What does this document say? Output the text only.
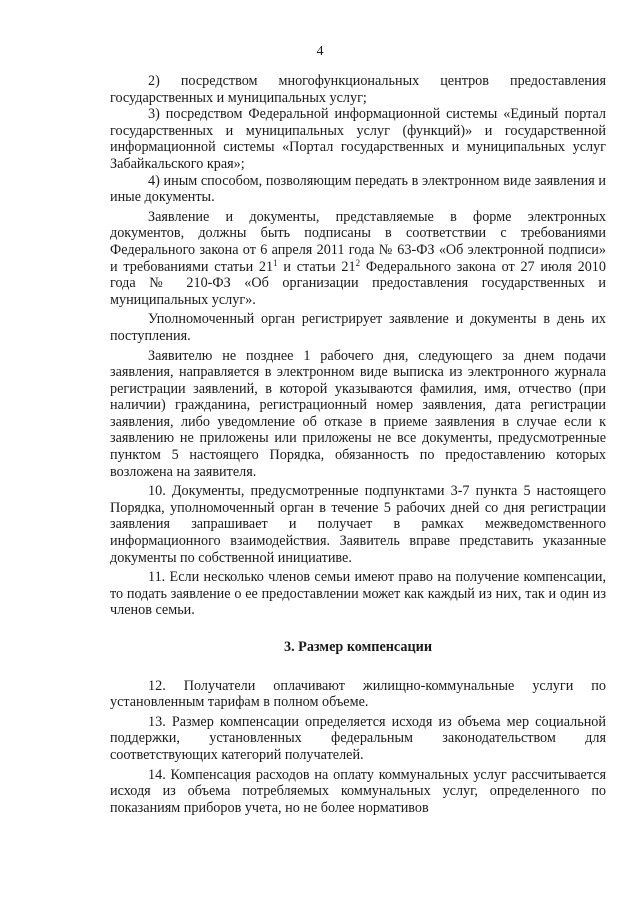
4

2) посредством многофункциональных центров предоставления государственных и муниципальных услуг;

3) посредством Федеральной информационной системы «Единый портал государственных и муниципальных услуг (функций)» и государственной информационной системы «Портал государственных и муниципальных услуг Забайкальского края»;

4) иным способом, позволяющим передать в электронном виде заявления и иные документы.

Заявление и документы, представляемые в форме электронных документов, должны быть подписаны в соответствии с требованиями Федерального закона от 6 апреля 2011 года № 63-ФЗ «Об электронной подписи» и требованиями статьи $21^1$ и статьи $21^2$ Федерального закона от 27 июля 2010 года № 210-ФЗ «Об организации предоставления государственных и муниципальных услуг».

Уполномоченный орган регистрирует заявление и документы в день их поступления.

Заявителю не позднее 1 рабочего дня, следующего за днем подачи заявления, направляется в электронном виде выписка из электронного журнала регистрации заявлений, в которой указываются фамилия, имя, отчество (при наличии) гражданина, регистрационный номер заявления, дата регистрации заявления, либо уведомление об отказе в приеме заявления в случае если к заявлению не приложены или приложены не все документы, предусмотренные пунктом 5 настоящего Порядка, обязанность по предоставлению которых возложена на заявителя.

10. Документы, предусмотренные подпунктами 3-7 пункта 5 настоящего Порядка, уполномоченный орган в течение 5 рабочих дней со дня регистрации заявления запрашивает и получает в рамках межведомственного информационного взаимодействия. Заявитель вправе представить указанные документы по собственной инициативе.

11. Если несколько членов семьи имеют право на получение компенсации, то подать заявление о ее предоставлении может как каждый из них, так и один из членов семьи.

3. Размер компенсации

12. Получатели оплачивают жилищно-коммунальные услуги по установленным тарифам в полном объеме.

13. Размер компенсации определяется исходя из объема мер социальной поддержки, установленных федеральным законодательством для соответствующих категорий получателей.

14. Компенсация расходов на оплату коммунальных услуг рассчитывается исходя из объема потребляемых коммунальных услуг, определенного по показаниям приборов учета, но не более нормативов
